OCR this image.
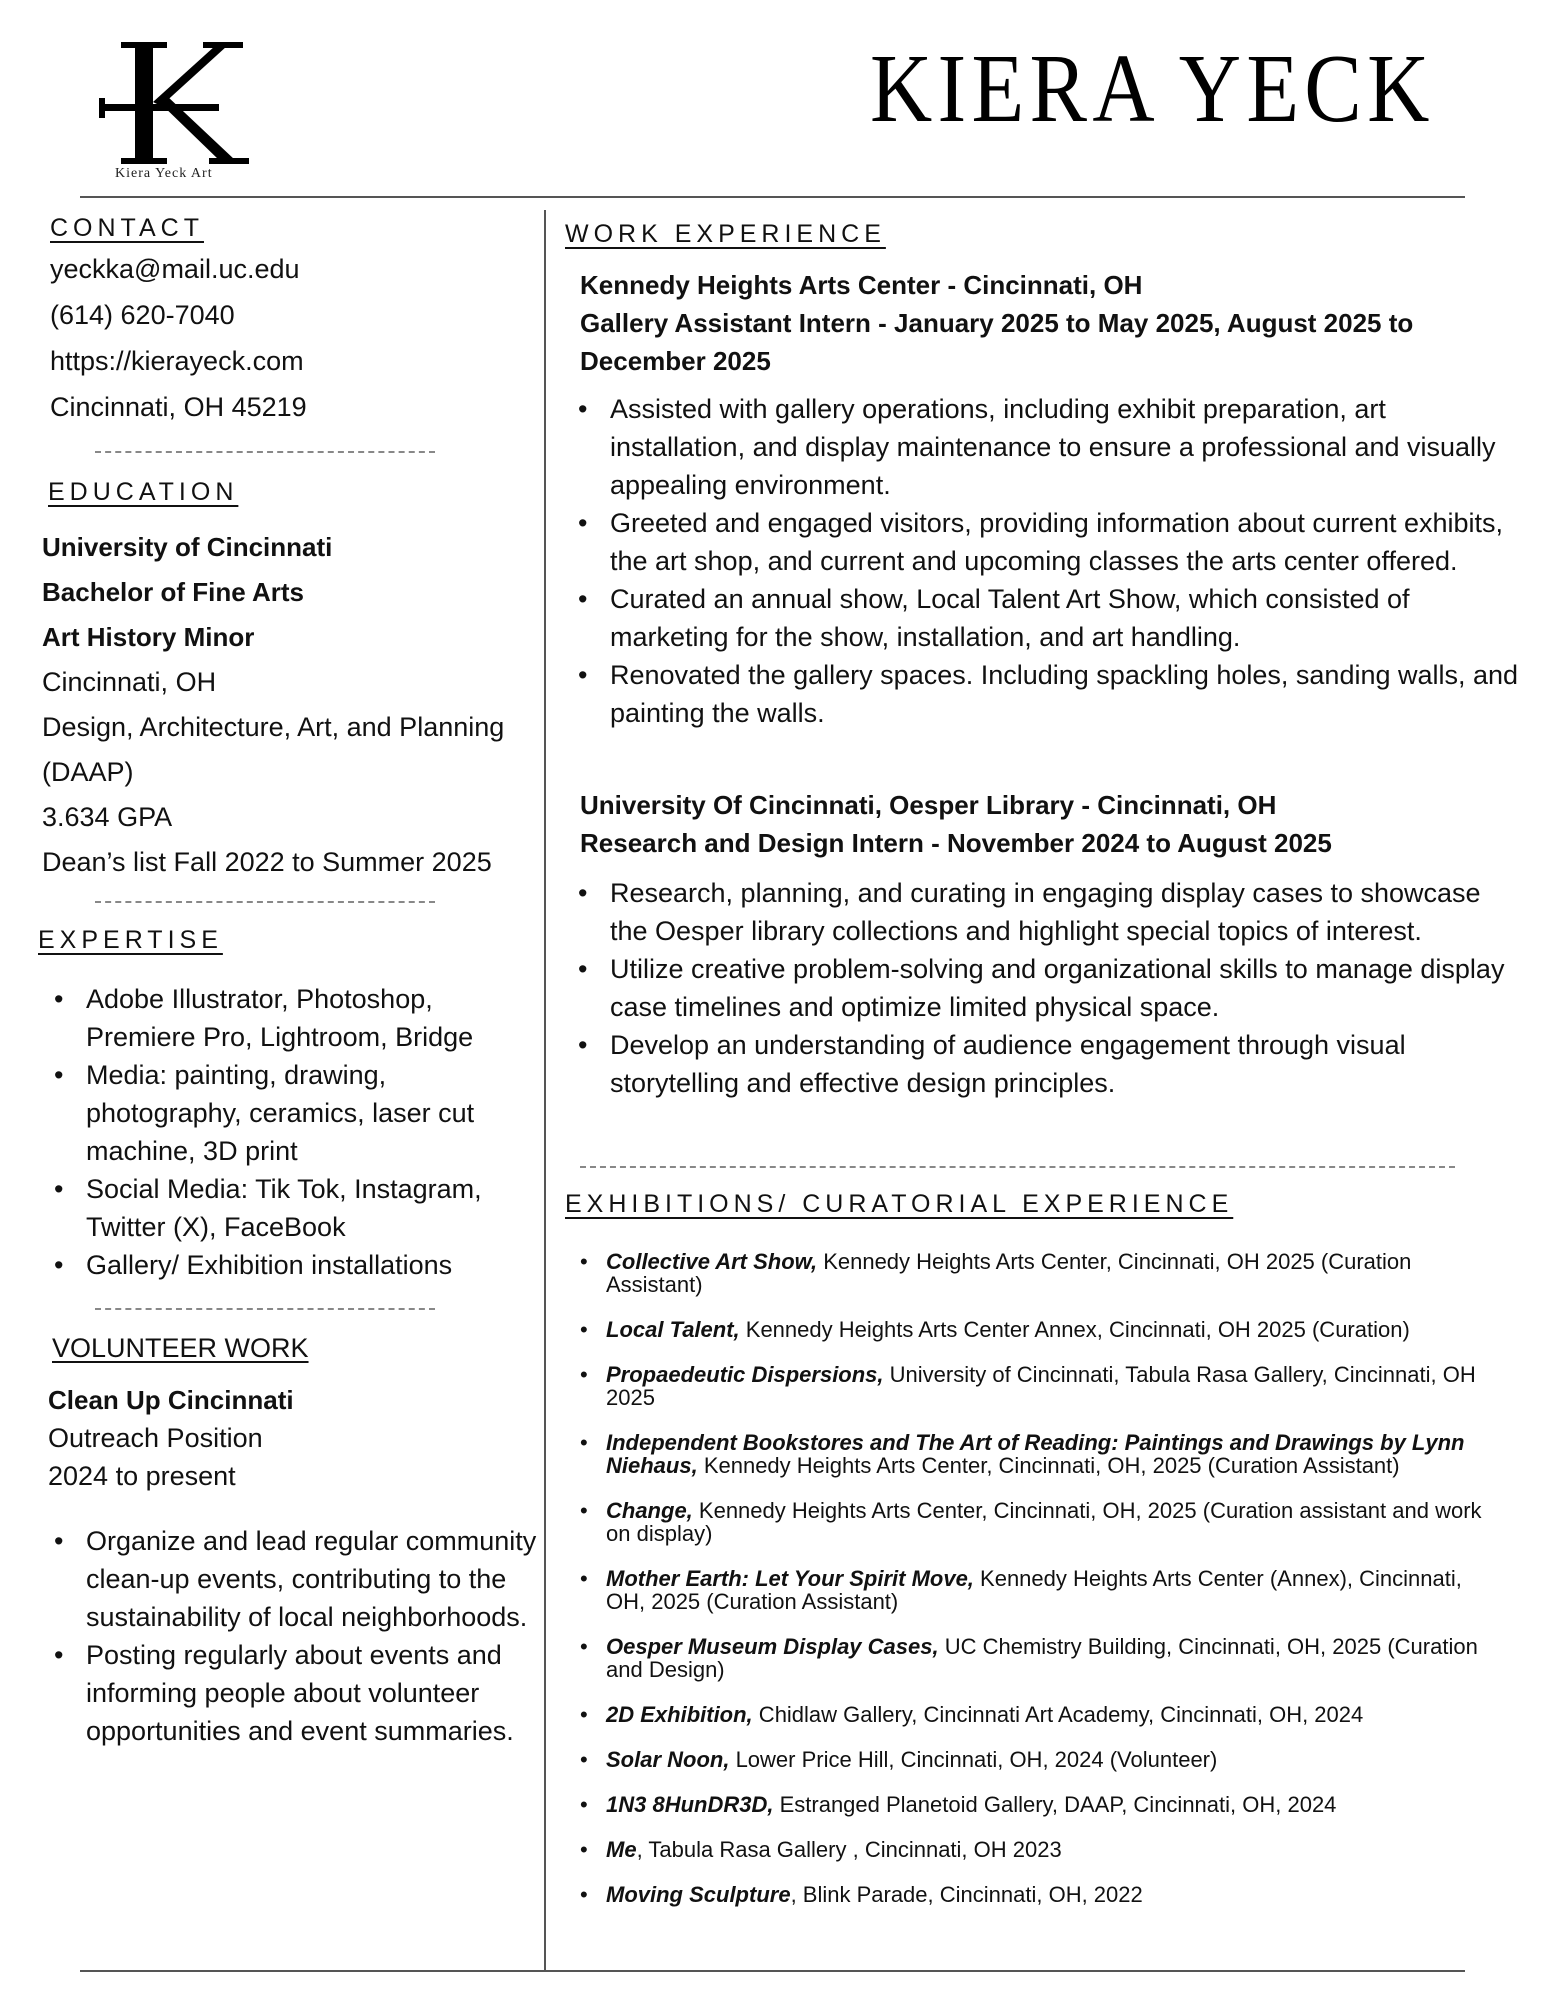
Kiera Yeck Art
KIERA YECK
CONTACT
yeckka@mail.uc.edu
(614) 620-7040
https://kierayeck.com
Cincinnati, OH 45219
EDUCATION
University of Cincinnati
Bachelor of Fine Arts
Art History Minor
Cincinnati, OH
Design, Architecture, Art, and Planning
(DAAP)
3.634 GPA
Dean’s list Fall 2022 to Summer 2025
EXPERTISE
• Adobe Illustrator, Photoshop, Premiere Pro, Lightroom, Bridge
• Media: painting, drawing, photography, ceramics, laser cut machine, 3D print
• Social Media: Tik Tok, Instagram, Twitter (X), FaceBook
• Gallery/ Exhibition installations
VOLUNTEER WORK
Clean Up Cincinnati
Outreach Position
2024 to present
• Organize and lead regular community clean-up events, contributing to the sustainability of local neighborhoods.
• Posting regularly about events and informing people about volunteer opportunities and event summaries.
WORK EXPERIENCE
Kennedy Heights Arts Center - Cincinnati, OH
Gallery Assistant Intern - January 2025 to May 2025, August 2025 to December 2025
• Assisted with gallery operations, including exhibit preparation, art installation, and display maintenance to ensure a professional and visually appealing environment.
• Greeted and engaged visitors, providing information about current exhibits, the art shop, and current and upcoming classes the arts center offered.
• Curated an annual show, Local Talent Art Show, which consisted of marketing for the show, installation, and art handling.
• Renovated the gallery spaces. Including spackling holes, sanding walls, and painting the walls.
University Of Cincinnati, Oesper Library - Cincinnati, OH
Research and Design Intern - November 2024 to August 2025
• Research, planning, and curating in engaging display cases to showcase the Oesper library collections and highlight special topics of interest.
• Utilize creative problem-solving and organizational skills to manage display case timelines and optimize limited physical space.
• Develop an understanding of audience engagement through visual storytelling and effective design principles.
EXHIBITIONS/ CURATORIAL EXPERIENCE
• Collective Art Show, Kennedy Heights Arts Center, Cincinnati, OH 2025 (Curation Assistant)
• Local Talent, Kennedy Heights Arts Center Annex, Cincinnati, OH 2025 (Curation)
• Propaedeutic Dispersions, University of Cincinnati, Tabula Rasa Gallery, Cincinnati, OH 2025
• Independent Bookstores and The Art of Reading: Paintings and Drawings by Lynn Niehaus, Kennedy Heights Arts Center, Cincinnati, OH, 2025 (Curation Assistant)
• Change, Kennedy Heights Arts Center, Cincinnati, OH, 2025 (Curation assistant and work on display)
• Mother Earth: Let Your Spirit Move, Kennedy Heights Arts Center (Annex), Cincinnati, OH, 2025 (Curation Assistant)
• Oesper Museum Display Cases, UC Chemistry Building, Cincinnati, OH, 2025 (Curation and Design)
• 2D Exhibition, Chidlaw Gallery, Cincinnati Art Academy, Cincinnati, OH, 2024
• Solar Noon, Lower Price Hill, Cincinnati, OH, 2024 (Volunteer)
• 1N3 8HunDR3D, Estranged Planetoid Gallery, DAAP, Cincinnati, OH, 2024
• Me, Tabula Rasa Gallery , Cincinnati, OH 2023
• Moving Sculpture, Blink Parade, Cincinnati, OH, 2022
